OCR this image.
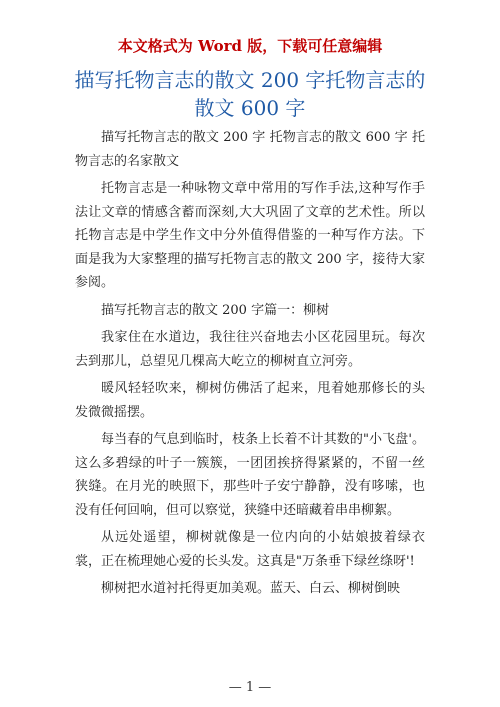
本文格式为 Word 版，下载可任意编辑
描写托物言志的散文 200 字托物言志的散文 600 字

描写托物言志的散文 200 字 托物言志的散文 600 字 托物言志的名家散文

托物言志是一种咏物文章中常用的写作手法,这种写作手法让文章的情感含蓄而深刻,大大巩固了文章的艺术性。所以托物言志是中学生作文中分外值得借鉴的一种写作方法。下面是我为大家整理的描写托物言志的散文 200 字，接待大家参阅。

描写托物言志的散文 200 字篇一：柳树

我家住在水道边，我往往兴奋地去小区花园里玩。每次去到那儿，总望见几棵高大屹立的柳树直立河旁。

暖风轻轻吹来，柳树仿佛活了起来，甩着她那修长的头发微微摇摆。

每当春的气息到临时，枝条上长着不计其数的"小飞盘'。这么多碧绿的叶子一簇簇，一团团挨挤得紧紧的，不留一丝狭缝。在月光的映照下，那些叶子安宁静静，没有哆嗦，也没有任何回响，但可以察觉，狭缝中还暗藏着串串柳絮。

从远处遥望，柳树就像是一位内向的小姑娘披着绿衣裳，正在梳理她心爱的长头发。这真是"万条垂下绿丝绦呀'!

柳树把水道衬托得更加美观。蓝天、白云、柳树倒映

— 1 —
